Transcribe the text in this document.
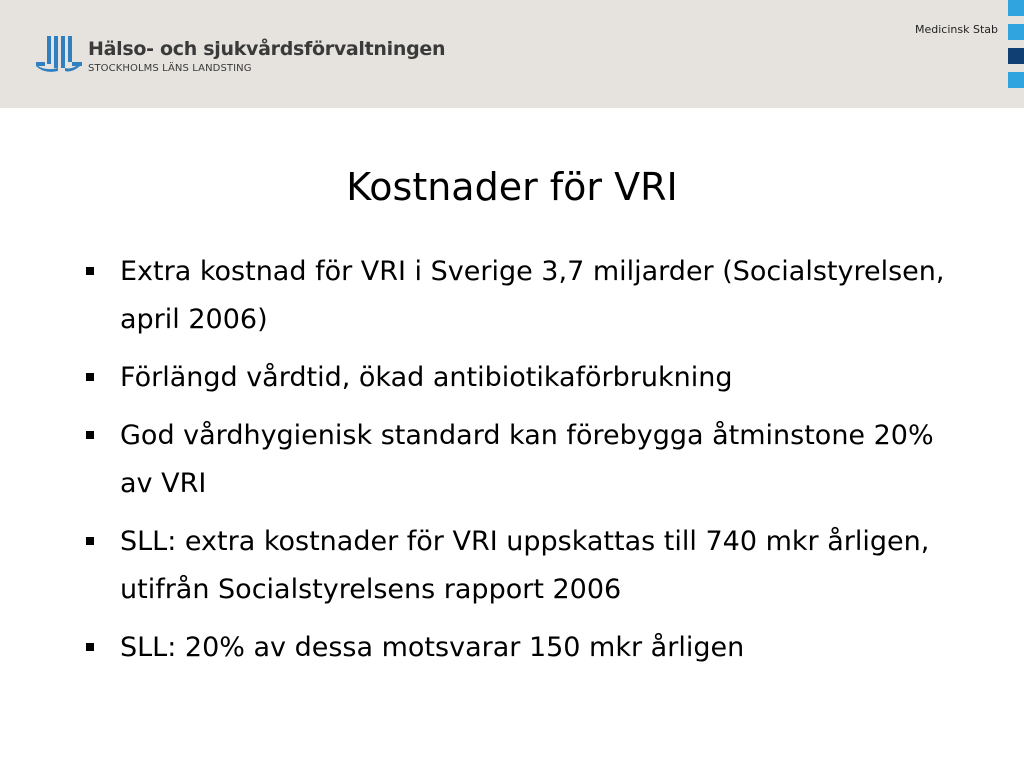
Hälso- och sjukvårdsförvaltningen
STOCKHOLMS LÄNS LANDSTING
Medicinsk Stab
Kostnader för VRI
Extra kostnad för VRI i Sverige 3,7 miljarder (Socialstyrelsen, april 2006)
Förlängd vårdtid, ökad antibiotikaförbrukning
God vårdhygienisk standard kan förebygga åtminstone 20% av VRI
SLL: extra kostnader för VRI uppskattas till 740 mkr årligen, utifrån Socialstyrelsens rapport 2006
SLL: 20% av dessa motsvarar 150 mkr årligen
